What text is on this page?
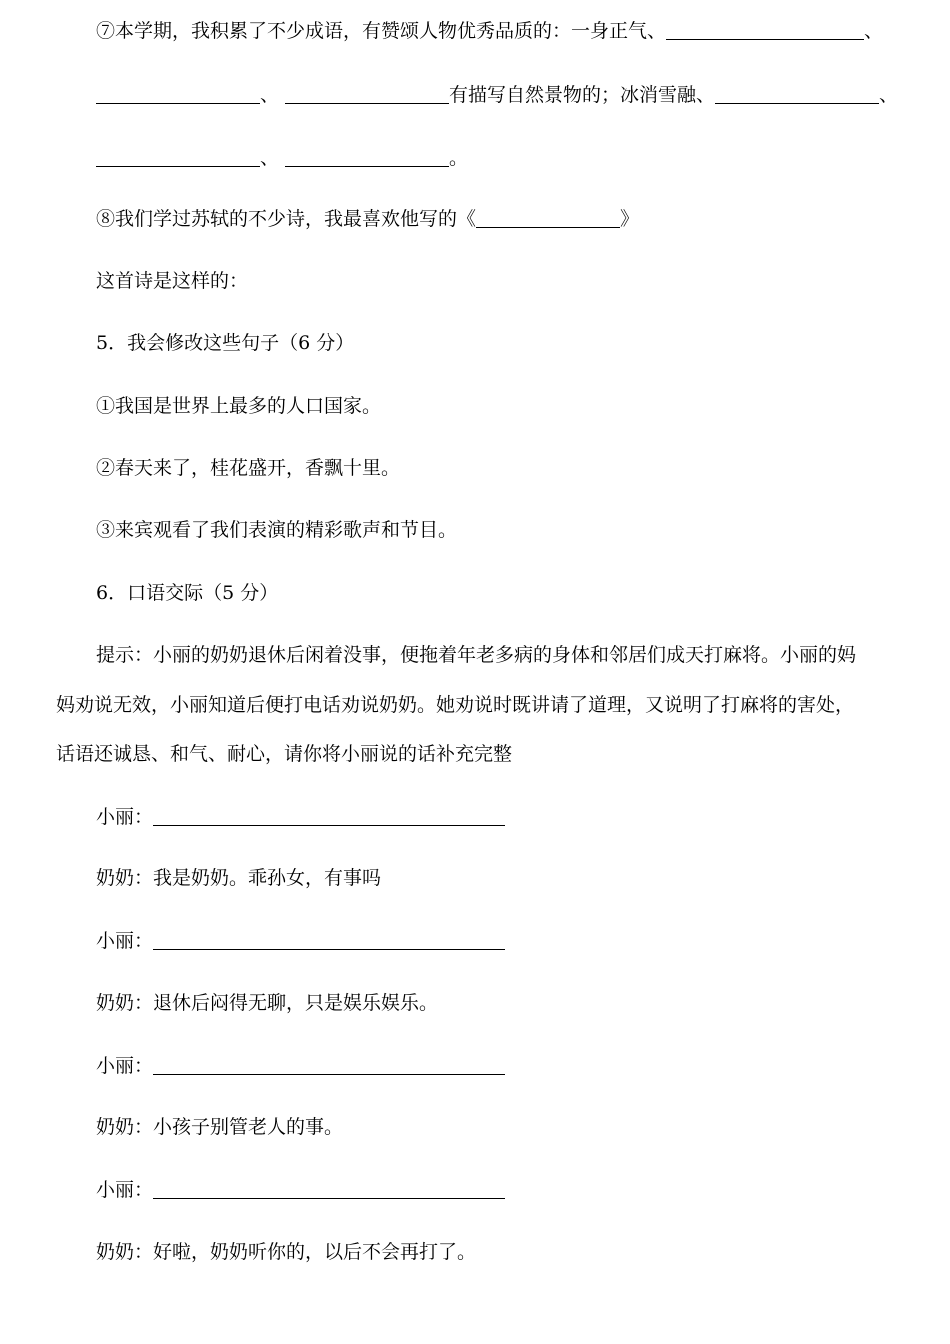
⑦本学期，我积累了不少成语，有赞颂人物优秀品质的：一身正气、	、
、	有描写自然景物的；冰消雪融、	、
、	。
⑧我们学过苏轼的不少诗，我最喜欢他写的《	》
这首诗是这样的：
5．我会修改这些句子（6 分）
①我国是世界上最多的人口国家。
②春天来了，桂花盛开，香飘十里。
③来宾观看了我们表演的精彩歌声和节目。
6．口语交际（5 分）
提示：小丽的奶奶退休后闲着没事，便拖着年老多病的身体和邻居们成天打麻将。小丽的妈
妈劝说无效，小丽知道后便打电话劝说奶奶。她劝说时既讲请了道理，又说明了打麻将的害处，
话语还诚恳、和气、耐心，请你将小丽说的话补充完整
小丽：
奶奶：我是奶奶。乖孙女，有事吗
小丽：
奶奶：退休后闷得无聊，只是娱乐娱乐。
小丽：
奶奶：小孩子别管老人的事。
小丽：
奶奶：好啦，奶奶听你的，以后不会再打了。
